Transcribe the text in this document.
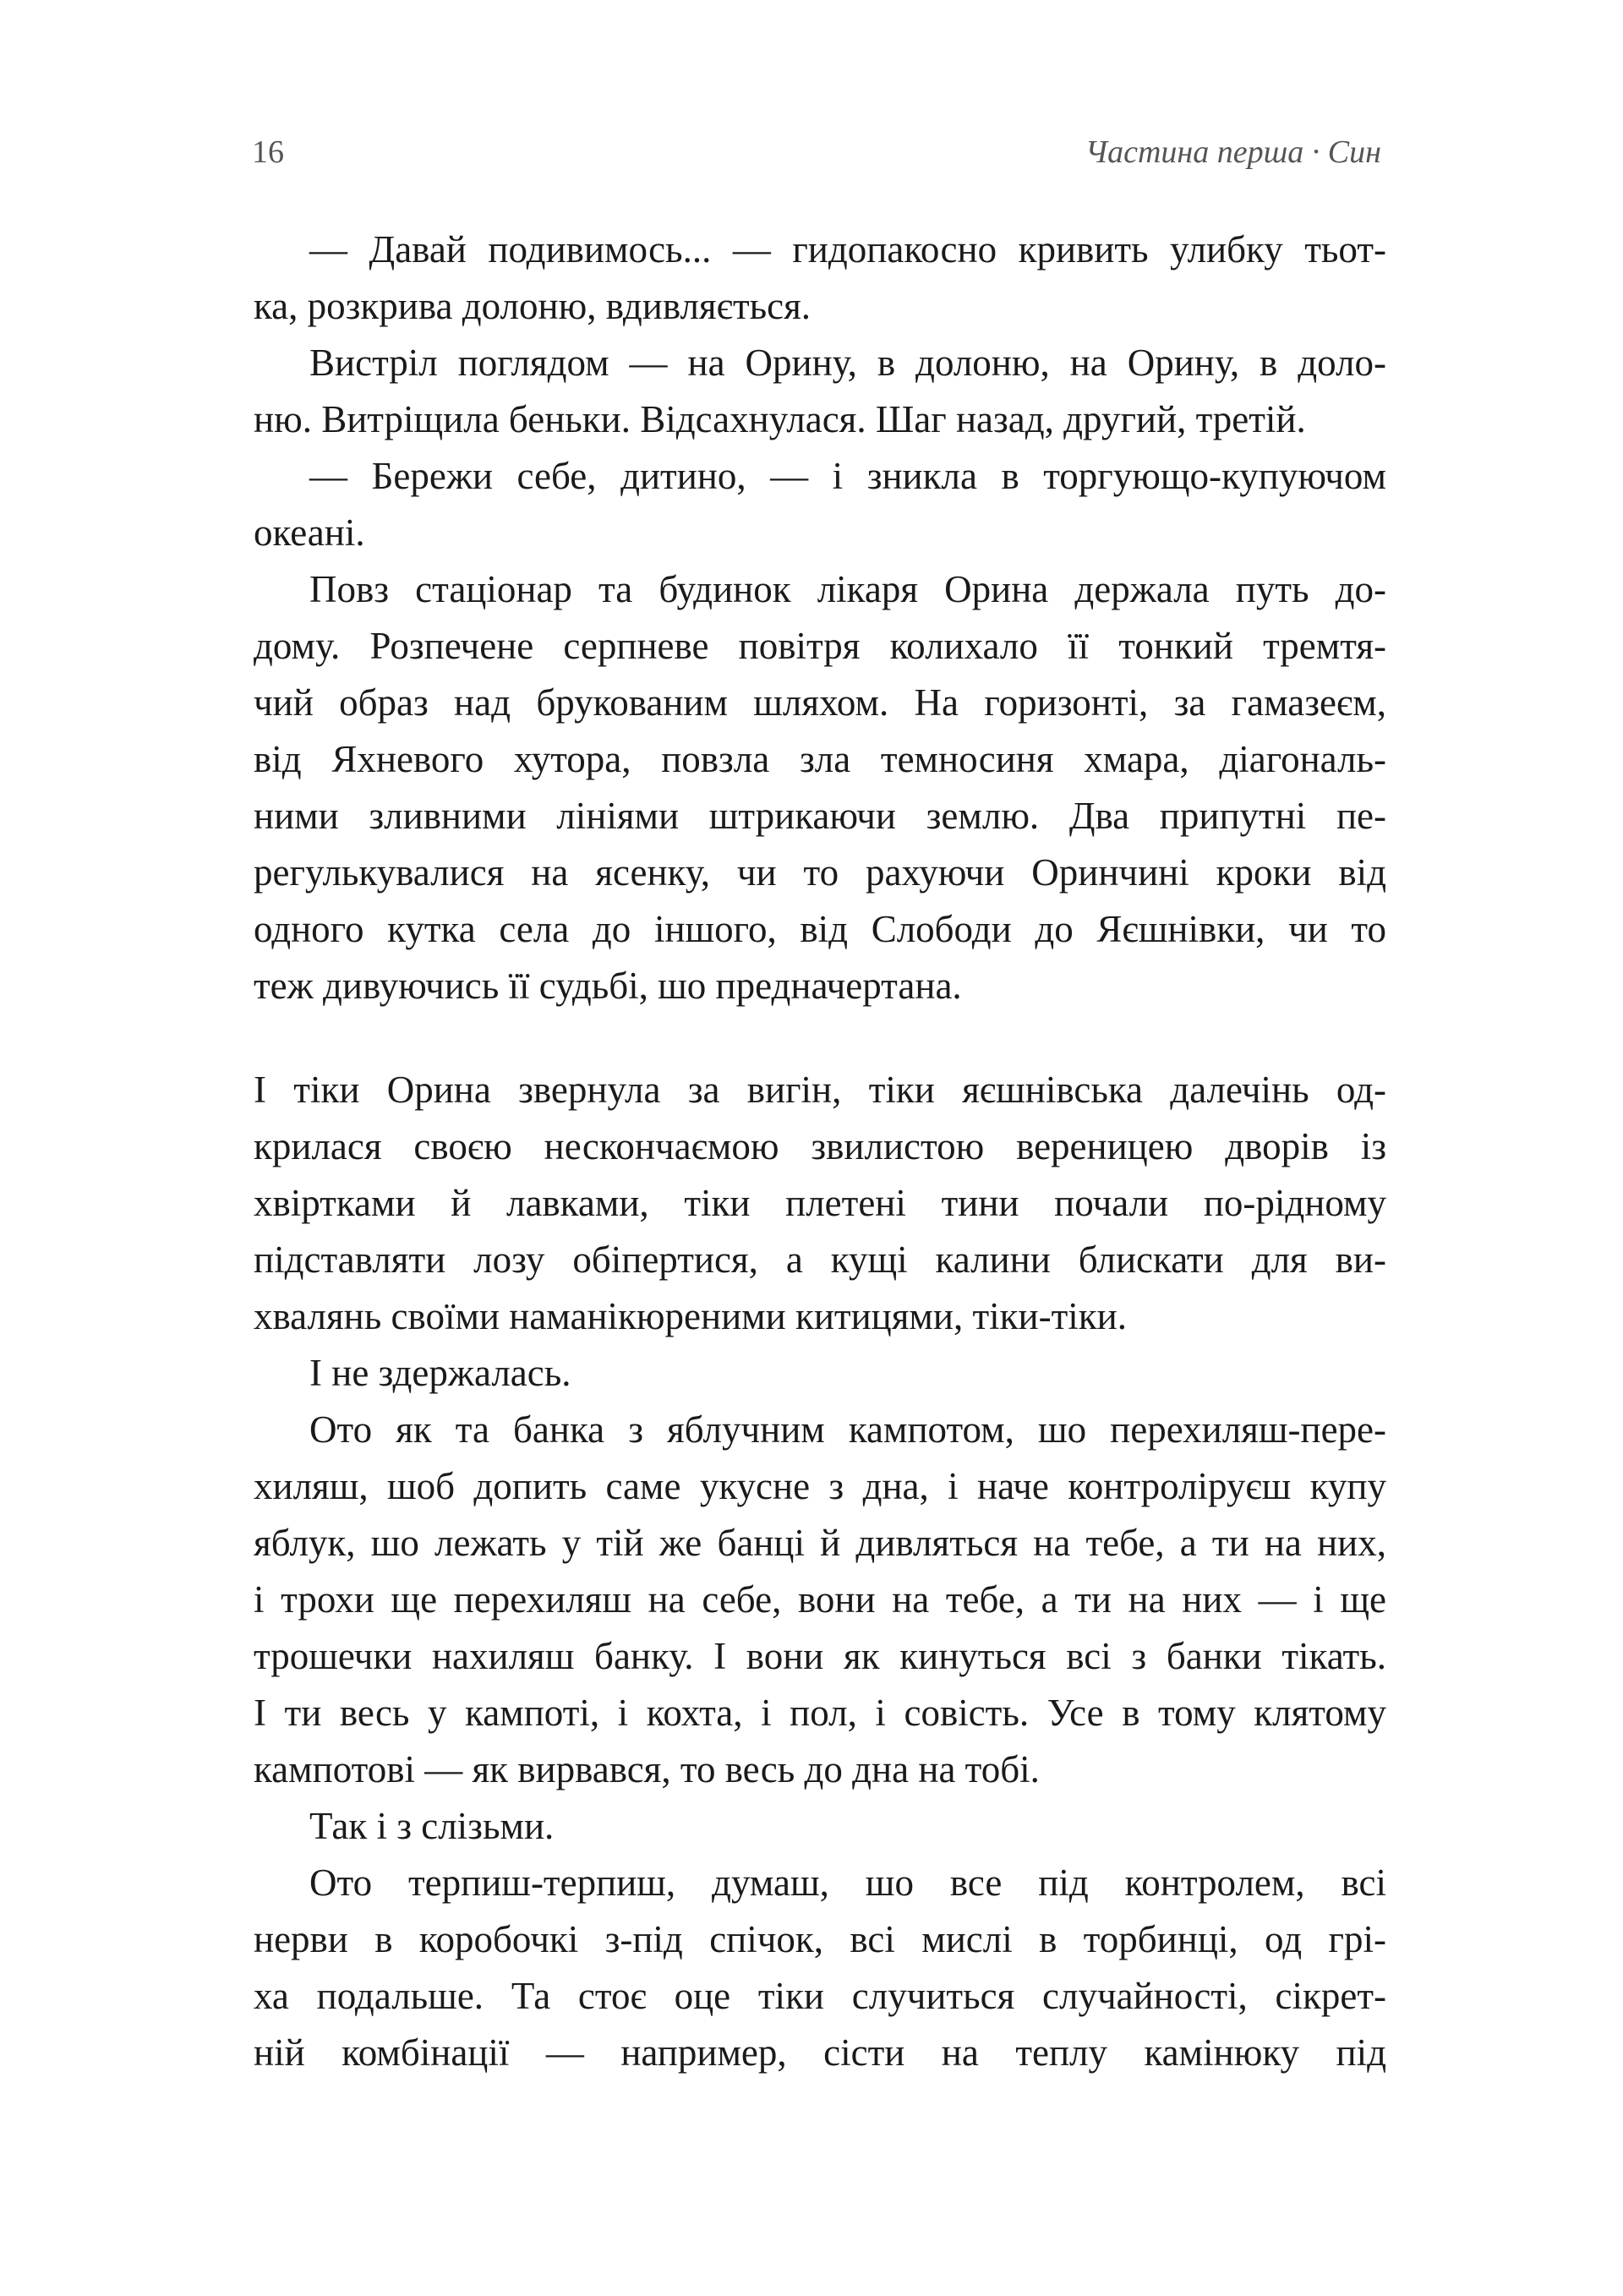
16	Частина перша · Син
— Давай подивимось... — гидопакосно кривить улибку тьот-
ка, розкрива долоню, вдивляється.
Вистріл поглядом — на Орину, в долоню, на Орину, в доло-
ню. Витріщила беньки. Відсахнулася. Шаг назад, другий, третій.
— Бережи себе, дитино, — і зникла в торгующо-купуючом
океані.
Повз стаціонар та будинок лікаря Орина держала путь до-
дому. Розпечене серпневе повітря колихало її тонкий тремтя-
чий образ над брукованим шляхом. На горизонті, за гамазеєм,
від Яхневого хутора, повзла зла темносиня хмара, діагональ-
ними зливними лініями штрикаючи землю. Два припутні пе-
регулькувалися на ясенку, чи то рахуючи Оринчині кроки від
одного кутка села до іншого, від Слободи до Яєшнівки, чи то
теж дивуючись її судьбі, шо предначертана.
І тіки Орина звернула за вигін, тіки яєшнівська далечінь од-
крилася своєю нескончаємою звилистою вереницею дворів із
хвіртками й лавками, тіки плетені тини почали по-рідному
підставляти лозу обіпертися, а кущі калини блискати для ви-
хвалянь своїми наманікюреними китицями, тіки-тіки.
І не здержалась.
Ото як та банка з яблучним кампотом, шо перехиляш-пере-
хиляш, шоб допить саме укусне з дна, і наче контроліруєш купу
яблук, шо лежать у тій же банці й дивляться на тебе, а ти на них,
і трохи ще перехиляш на себе, вони на тебе, а ти на них — і ще
трошечки нахиляш банку. І вони як кинуться всі з банки тікать.
І ти весь у кампоті, і кохта, і пол, і совість. Усе в тому клятому
кампотові — як вирвався, то весь до дна на тобі.
Так і з слізьми.
Ото терпиш-терпиш, думаш, шо все під контролем, всі
нерви в коробочкі з-під спічок, всі мислі в торбинці, од грі-
ха подальше. Та стоє оце тіки случиться случайності, сікрет-
ній комбінації — например, сісти на теплу камінюку під
